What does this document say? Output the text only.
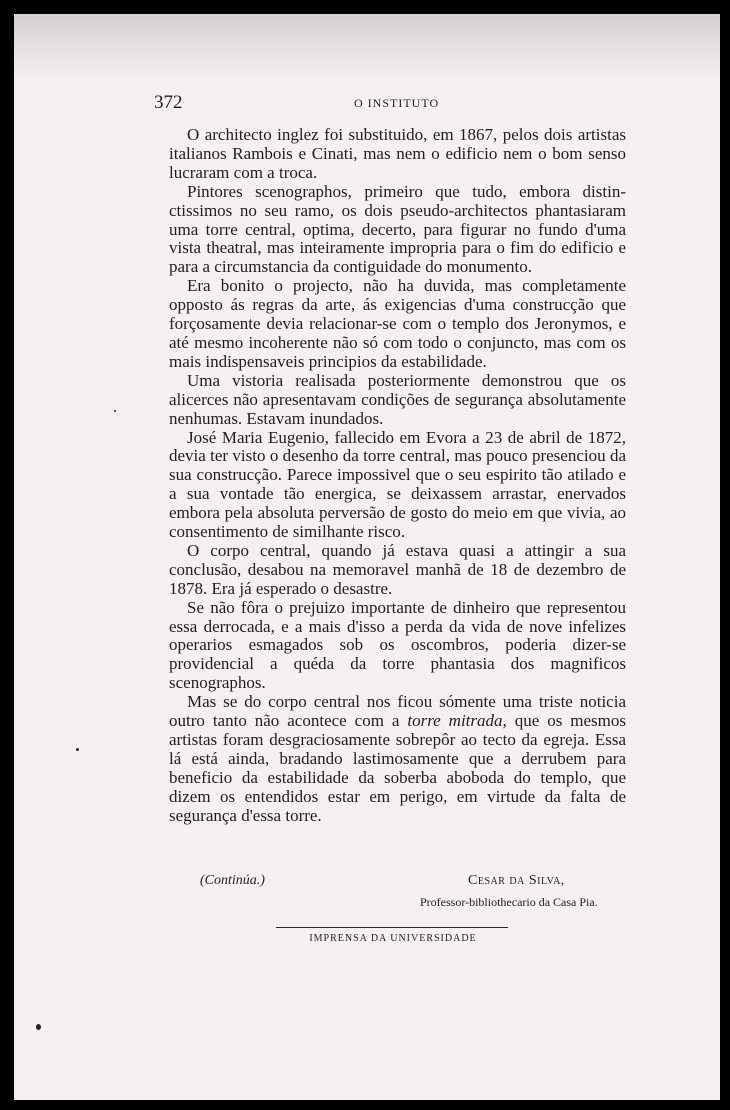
372	O INSTITUTO

O architecto inglez foi substituido, em 1867, pelos dois artistas italianos Rambois e Cinati, mas nem o edificio nem o bom senso lucraram com a troca.

Pintores scenographos, primeiro que tudo, embora distinctissimos no seu ramo, os dois pseudo-architectos phantasiaram uma torre central, optima, decerto, para figurar no fundo d'uma vista theatral, mas inteiramente impropria para o fim do edificio e para a circumstancia da contiguidade do monumento.

Era bonito o projecto, não ha duvida, mas completamente opposto ás regras da arte, ás exigencias d'uma construcção que forçosamente devia relacionar-se com o templo dos Jeronymos, e até mesmo incoherente não só com todo o conjuncto, mas com os mais indispensaveis principios da estabilidade.

Uma vistoria realisada posteriormente demonstrou que os alicerces não apresentavam condições de segurança absolutamente nenhumas. Estavam inundados.

José Maria Eugenio, fallecido em Evora a 23 de abril de 1872, devia ter visto o desenho da torre central, mas pouco presenciou da sua construcção. Parece impossivel que o seu espirito tão atilado e a sua vontade tão energica, se deixassem arrastar, enervados embora pela absoluta perversão de gosto do meio em que vivia, ao consentimento de similhante risco.

O corpo central, quando já estava quasi a attingir a sua conclusão, desabou na memoravel manhã de 18 de dezembro de 1878. Era já esperado o desastre.

Se não fôra o prejuizo importante de dinheiro que representou essa derrocada, e a mais d'isso a perda da vida de nove infelizes operarios esmagados sob os oscombros, poderia dizer-se providencial a quéda da torre phantasia dos magnificos scenographos.

Mas se do corpo central nos ficou sómente uma triste noticia outro tanto não acontece com a torre mitrada, que os mesmos artistas foram desgraciosamente sobrepôr ao tecto da egreja. Essa lá está ainda, bradando lastimosamente que a derrubem para beneficio da estabilidade da soberba aboboda do templo, que dizem os entendidos estar em perigo, em virtude da falta de segurança d'essa torre.

(Continúa.)	Cesar da Silva,
Professor-bibliothecario da Casa Pia.
IMPRENSA DA UNIVERSIDADE
